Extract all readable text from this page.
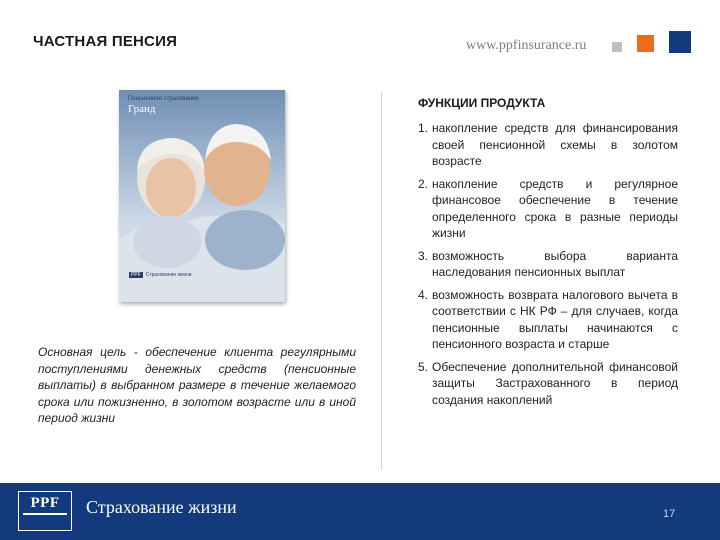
ЧАСТНАЯ ПЕНСИЯ	www.ppfinsurance.ru
Пенсионное страхование
Гранд
PPF Страхование жизни
Основная цель - обеспечение клиента регулярными поступлениями денежных средств (пенсионные выплаты) в выбранном размере в течение желаемого срока или пожизненно, в золотом возрасте или в иной период жизни
ФУНКЦИИ ПРОДУКТА
1. накопление средств для финансирования своей пенсионной схемы в золотом возрасте
2. накопление средств и регулярное финансовое обеспечение в течение определенного срока в разные периоды жизни
3. возможность выбора варианта наследования пенсионных выплат
4. возможность возврата налогового вычета в соответствии с НК РФ – для случаев, когда пенсионные выплаты начинаются с пенсионного возраста и старше
5. Обеспечение дополнительной финансовой защиты Застрахованного в период создания накоплений
PPF	Страхование жизни	17
